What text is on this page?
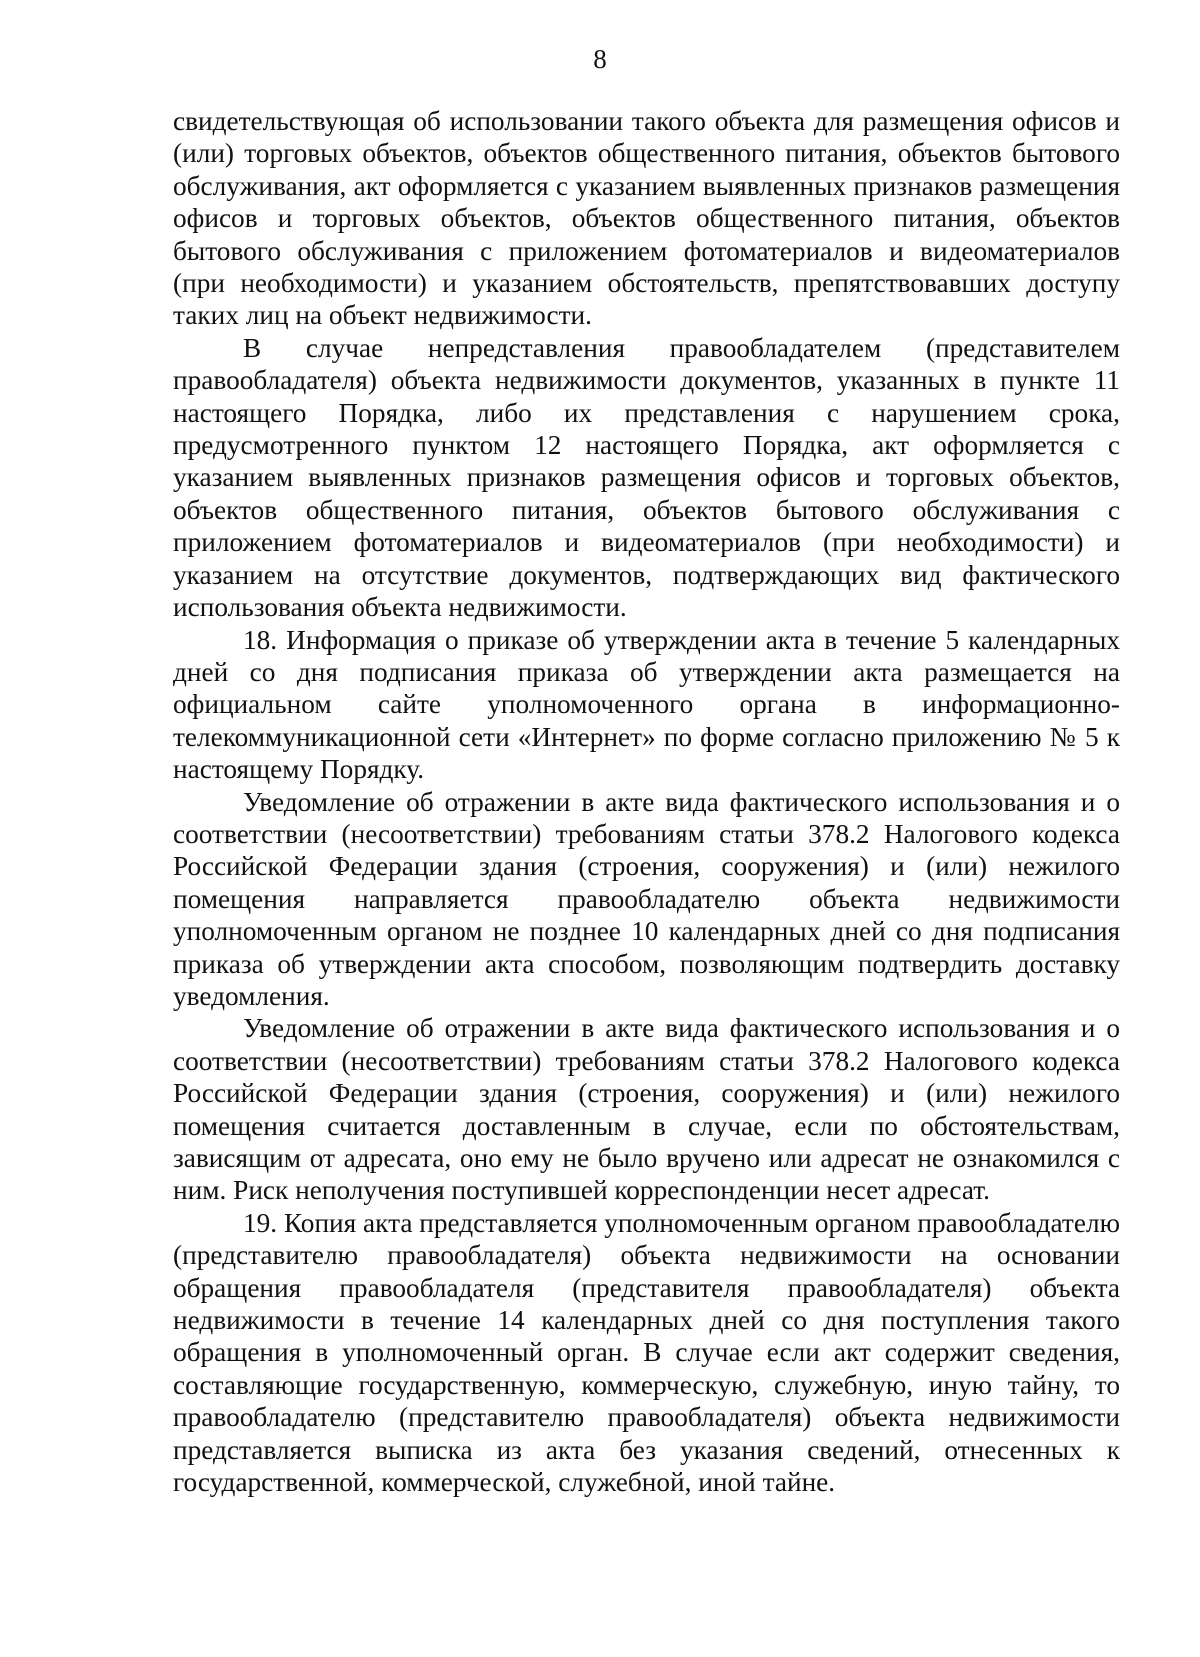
8

свидетельствующая об использовании такого объекта для размещения офисов и (или) торговых объектов, объектов общественного питания, объектов бытового обслуживания, акт оформляется с указанием выявленных признаков размещения офисов и торговых объектов, объектов общественного питания, объектов бытового обслуживания с приложением фотоматериалов и видеоматериалов (при необходимости) и указанием обстоятельств, препятствовавших доступу таких лиц на объект недвижимости.

В случае непредставления правообладателем (представителем правообладателя) объекта недвижимости документов, указанных в пункте 11 настоящего Порядка, либо их представления с нарушением срока, предусмотренного пунктом 12 настоящего Порядка, акт оформляется с указанием выявленных признаков размещения офисов и торговых объектов, объектов общественного питания, объектов бытового обслуживания с приложением фотоматериалов и видеоматериалов (при необходимости) и указанием на отсутствие документов, подтверждающих вид фактического использования объекта недвижимости.

18. Информация о приказе об утверждении акта в течение 5 календарных дней со дня подписания приказа об утверждении акта размещается на официальном сайте уполномоченного органа в информационно-телекоммуникационной сети «Интернет» по форме согласно приложению № 5 к настоящему Порядку.

Уведомление об отражении в акте вида фактического использования и о соответствии (несоответствии) требованиям статьи 378.2 Налогового кодекса Российской Федерации здания (строения, сооружения) и (или) нежилого помещения направляется правообладателю объекта недвижимости уполномоченным органом не позднее 10 календарных дней со дня подписания приказа об утверждении акта способом, позволяющим подтвердить доставку уведомления.

Уведомление об отражении в акте вида фактического использования и о соответствии (несоответствии) требованиям статьи 378.2 Налогового кодекса Российской Федерации здания (строения, сооружения) и (или) нежилого помещения считается доставленным в случае, если по обстоятельствам, зависящим от адресата, оно ему не было вручено или адресат не ознакомился с ним. Риск неполучения поступившей корреспонденции несет адресат.

19. Копия акта представляется уполномоченным органом правообладателю (представителю правообладателя) объекта недвижимости на основании обращения правообладателя (представителя правообладателя) объекта недвижимости в течение 14 календарных дней со дня поступления такого обращения в уполномоченный орган. В случае если акт содержит сведения, составляющие государственную, коммерческую, служебную, иную тайну, то правообладателю (представителю правообладателя) объекта недвижимости представляется выписка из акта без указания сведений, отнесенных к государственной, коммерческой, служебной, иной тайне.
